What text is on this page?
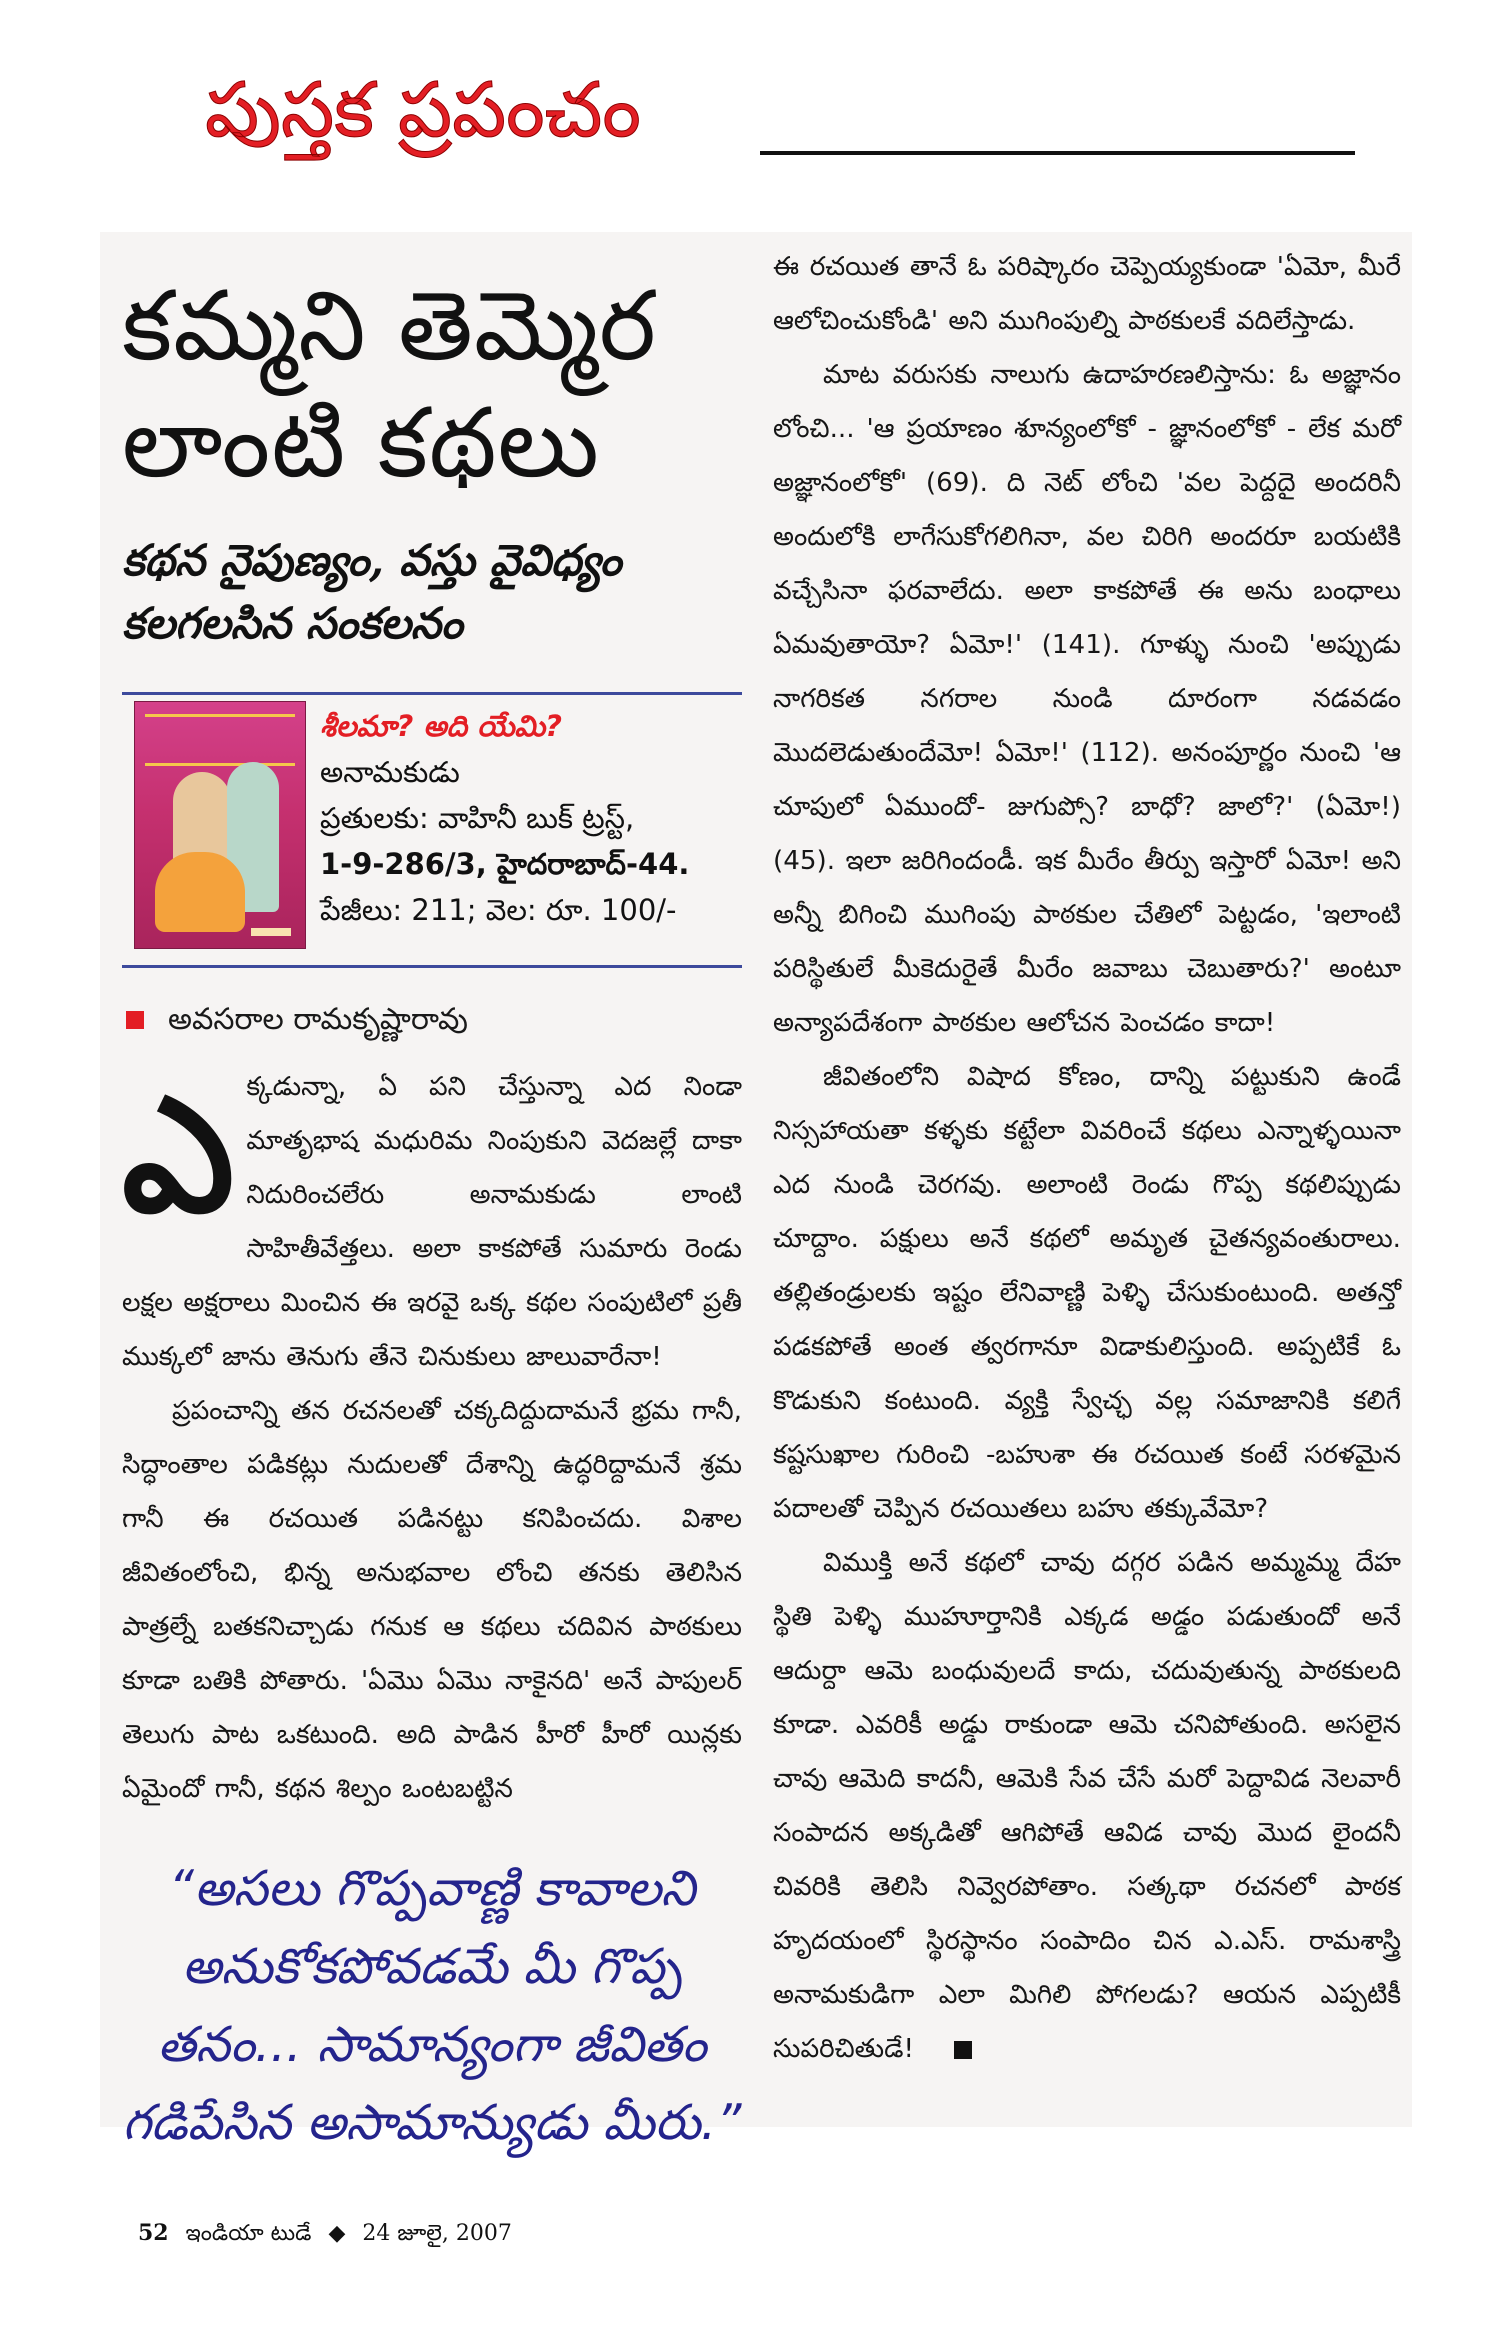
పుస్తక ప్రపంచం
కమ్మని తెమ్మెర
లాంటి కథలు
కథన నైపుణ్యం, వస్తు వైవిధ్యం
కలగలసిన సంకలనం
శీలమా? అది యేమి?
అనామకుడు
ప్రతులకు: వాహినీ బుక్ ట్రస్ట్,
1-9-286/3, హైదరాబాద్-44.
పేజీలు: 211; వెల: రూ. 100/-
అవసరాల రామకృష్ణారావు

ఎక్కడున్నా, ఏ పని చేస్తున్నా ఎద నిండా మాతృభాష మధురిమ నింపుకుని వెదజల్లే దాకా నిదురించలేరు అనామకుడు లాంటి సాహితీవేత్తలు. అలా కాకపోతే సుమారు రెండు లక్షల అక్షరాలు మించిన ఈ ఇరవై ఒక్క కథల సంపుటిలో ప్రతీ ముక్కలో జాను తెనుగు తేనె చినుకులు జాలువారేనా!

ప్రపంచాన్ని తన రచనలతో చక్కదిద్దుదామనే భ్రమ గానీ, సిద్ధాంతాల పడికట్లు నుదులతో దేశాన్ని ఉద్ధరిద్దామనే శ్రమ గానీ ఈ రచయిత పడినట్టు కనిపించదు. విశాల జీవితంలోంచి, భిన్న అనుభవాల లోంచి తనకు తెలిసిన పాత్రల్నే బతకనిచ్చాడు గనుక ఆ కథలు చదివిన పాఠకులు కూడా బతికి పోతారు. 'ఏమొ ఏమొ నాకైనది' అనే పాపులర్ తెలుగు పాట ఒకటుంది. అది పాడిన హీరో హీరో యిన్లకు ఏమైందో గానీ, కథన శిల్పం ఒంటబట్టిన

“అసలు గొప్పవాణ్ణి కావాలని అనుకోకపోవడమే మీ గొప్ప తనం... సామాన్యంగా జీవితం గడిపేసిన అసామాన్యుడు మీరు.”

ఈ రచయిత తానే ఓ పరిష్కారం చెప్పెయ్యకుండా 'ఏమో, మీరే ఆలోచించుకోండి' అని ముగింపుల్ని పాఠకులకే వదిలేస్తాడు.

మాట వరుసకు నాలుగు ఉదాహరణలిస్తాను: ఓ అజ్ఞానం లోంచి... 'ఆ ప్రయాణం శూన్యంలోకో - జ్ఞానంలోకో - లేక మరో అజ్ఞానంలోకో' (69). ది నెట్ లోంచి 'వల పెద్దదై అందరినీ అందులోకి లాగేసుకోగలిగినా, వల చిరిగి అందరూ బయటికి వచ్చేసినా ఫరవాలేదు. అలా కాకపోతే ఈ అను బంధాలు ఏమవుతాయో? ఏమో!' (141). గూళ్ళు నుంచి 'అప్పుడు నాగరికత నగరాల నుండి దూరంగా నడవడం మొదలెడుతుందేమో! ఏమో!' (112). అనంపూర్ణం నుంచి 'ఆ చూపులో ఏముందో- జుగుప్సో? బాధో? జాలో?' (ఏమో!) (45). ఇలా జరిగిందండీ. ఇక మీరేం తీర్పు ఇస్తారో ఏమో! అని అన్నీ బిగించి ముగింపు పాఠకుల చేతిలో పెట్టడం, 'ఇలాంటి పరిస్థితులే మీకెదురైతే మీరేం జవాబు చెబుతారు?' అంటూ అన్యాపదేశంగా పాఠకుల ఆలోచన పెంచడం కాదా!

జీవితంలోని విషాద కోణం, దాన్ని పట్టుకుని ఉండే నిస్సహాయతా కళ్ళకు కట్టేలా వివరించే కథలు ఎన్నాళ్ళయినా ఎద నుండి చెరగవు. అలాంటి రెండు గొప్ప కథలిప్పుడు చూద్దాం. పక్షులు అనే కథలో అమృత చైతన్యవంతురాలు. తల్లితండ్రులకు ఇష్టం లేనివాణ్ణి పెళ్ళి చేసుకుంటుంది. అతన్తో పడకపోతే అంత త్వరగానూ విడాకులిస్తుంది. అప్పటికే ఓ కొడుకుని కంటుంది. వ్యక్తి స్వేచ్ఛ వల్ల సమాజానికి కలిగే కష్టసుఖాల గురించి -బహుశా ఈ రచయిత కంటే సరళమైన పదాలతో చెప్పిన రచయితలు బహు తక్కువేమో?

విముక్తి అనే కథలో చావు దగ్గర పడిన అమ్మమ్మ దేహ స్థితి పెళ్ళి ముహూర్తానికి ఎక్కడ అడ్డం పడుతుందో అనే ఆదుర్దా ఆమె బంధువులదే కాదు, చదువుతున్న పాఠకులది కూడా. ఎవరికీ అడ్డు రాకుండా ఆమె చనిపోతుంది. అసలైన చావు ఆమెది కాదనీ, ఆమెకి సేవ చేసే మరో పెద్దావిడ నెలవారీ సంపాదన అక్కడితో ఆగిపోతే ఆవిడ చావు మొద లైందనీ చివరికి తెలిసి నివ్వెరపోతాం. సత్కథా రచనలో పాఠక హృదయంలో స్థిరస్థానం సంపాదిం చిన ఎ.ఎస్. రామశాస్త్రి అనామకుడిగా ఎలా మిగిలి పోగలడు? ఆయన ఎప్పటికీ సుపరిచితుడే!

52 ఇండియా టుడే ◆ 24 జూలై, 2007
